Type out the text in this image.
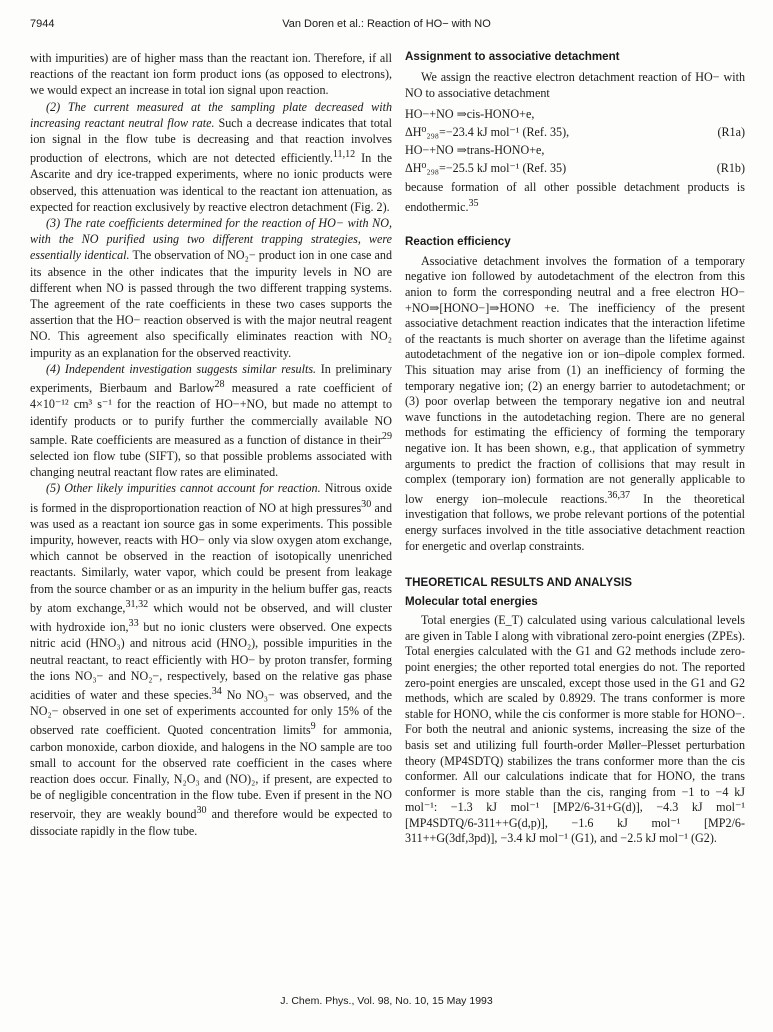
7944	Van Doren et al.: Reaction of HO− with NO

with impurities) are of higher mass than the reactant ion. Therefore, if all reactions of the reactant ion form product ions (as opposed to electrons), we would expect an increase in total ion signal upon reaction.

(2) The current measured at the sampling plate decreased with increasing reactant neutral flow rate. Such a decrease indicates that total ion signal in the flow tube is decreasing and that reaction involves production of electrons, which are not detected efficiently.$^{11,12}$ In the Ascarite and dry ice-trapped experiments, where no ionic products were observed, this attenuation was identical to the reactant ion attenuation, as expected for reaction exclusively by reactive electron detachment (Fig. 2).

(3) The rate coefficients determined for the reaction of HO− with NO, with the NO purified using two different trapping strategies, were essentially identical. The observation of NO₂− product ion in one case and its absence in the other indicates that the impurity levels in NO are different when NO is passed through the two different trapping systems. The agreement of the rate coefficients in these two cases supports the assertion that the HO− reaction observed is with the major neutral reagent NO. This agreement also specifically eliminates reaction with NO₂ impurity as an explanation for the observed reactivity.

(4) Independent investigation suggests similar results. In preliminary experiments, Bierbaum and Barlow$^{28}$ measured a rate coefficient of 4×10⁻¹² cm³ s⁻¹ for the reaction of HO−+NO, but made no attempt to identify products or to purify further the commercially available NO sample. Rate coefficients are measured as a function of distance in their$^{29}$ selected ion flow tube (SIFT), so that possible problems associated with changing neutral reactant flow rates are eliminated.

(5) Other likely impurities cannot account for reaction. Nitrous oxide is formed in the disproportionation reaction of NO at high pressures$^{30}$ and was used as a reactant ion source gas in some experiments. This possible impurity, however, reacts with HO− only via slow oxygen atom exchange, which cannot be observed in the reaction of isotopically unenriched reactants. Similarly, water vapor, which could be present from leakage from the source chamber or as an impurity in the helium buffer gas, reacts by atom exchange,$^{31,32}$ which would not be observed, and will cluster with hydroxide ion,$^{33}$ but no ionic clusters were observed. One expects nitric acid (HNO₃) and nitrous acid (HNO₂), possible impurities in the neutral reactant, to react efficiently with HO− by proton transfer, forming the ions NO₃− and NO₂−, respectively, based on the relative gas phase acidities of water and these species.$^{34}$ No NO₃− was observed, and the NO₂− observed in one set of experiments accounted for only 15% of the observed rate coefficient. Quoted concentration limits$^9$ for ammonia, carbon monoxide, carbon dioxide, and halogens in the NO sample are too small to account for the observed rate coefficient in the cases where reaction does occur. Finally, N₂O₃ and (NO)₂, if present, are expected to be of negligible concentration in the flow tube. Even if present in the NO reservoir, they are weakly bound$^{30}$ and therefore would be expected to dissociate rapidly in the flow tube.

Assignment to associative detachment

We assign the reactive electron detachment reaction of HO− with NO to associative detachment

HO−+NO ⇒cis-HONO+e,
ΔH⁰₂₉₈=−23.4 kJ mol⁻¹ (Ref. 35),	(R1a)
HO−+NO ⇒trans-HONO+e,
ΔH⁰₂₉₈=−25.5 kJ mol⁻¹ (Ref. 35)	(R1b)

because formation of all other possible detachment products is endothermic.$^{35}$

Reaction efficiency

Associative detachment involves the formation of a temporary negative ion followed by autodetachment of the electron from this anion to form the corresponding neutral and a free electron HO−+NO⇒[HONO−]⇒HONO +e. The inefficiency of the present associative detachment reaction indicates that the interaction lifetime of the reactants is much shorter on average than the lifetime against autodetachment of the negative ion or ion–dipole complex formed. This situation may arise from (1) an inefficiency of forming the temporary negative ion; (2) an energy barrier to autodetachment; or (3) poor overlap between the temporary negative ion and neutral wave functions in the autodetaching region. There are no general methods for estimating the efficiency of forming the temporary negative ion. It has been shown, e.g., that application of symmetry arguments to predict the fraction of collisions that may result in complex (temporary ion) formation are not generally applicable to low energy ion–molecule reactions.$^{36,37}$ In the theoretical investigation that follows, we probe relevant portions of the potential energy surfaces involved in the title associative detachment reaction for energetic and overlap constraints.

THEORETICAL RESULTS AND ANALYSIS

Molecular total energies

Total energies (E_T) calculated using various calculational levels are given in Table I along with vibrational zero-point energies (ZPEs). Total energies calculated with the G1 and G2 methods include zero-point energies; the other reported total energies do not. The reported zero-point energies are unscaled, except those used in the G1 and G2 methods, which are scaled by 0.8929. The trans conformer is more stable for HONO, while the cis conformer is more stable for HONO−. For both the neutral and anionic systems, increasing the size of the basis set and utilizing full fourth-order Møller–Plesset perturbation theory (MP4SDTQ) stabilizes the trans conformer more than the cis conformer. All our calculations indicate that for HONO, the trans conformer is more stable than the cis, ranging from −1 to −4 kJ mol⁻¹: −1.3 kJ mol⁻¹ [MP2/6-31+G(d)], −4.3 kJ mol⁻¹ [MP4SDTQ/6-311++G(d,p)], −1.6 kJ mol⁻¹ [MP2/6-311++G(3df,3pd)], −3.4 kJ mol⁻¹ (G1), and −2.5 kJ mol⁻¹ (G2).

J. Chem. Phys., Vol. 98, No. 10, 15 May 1993
